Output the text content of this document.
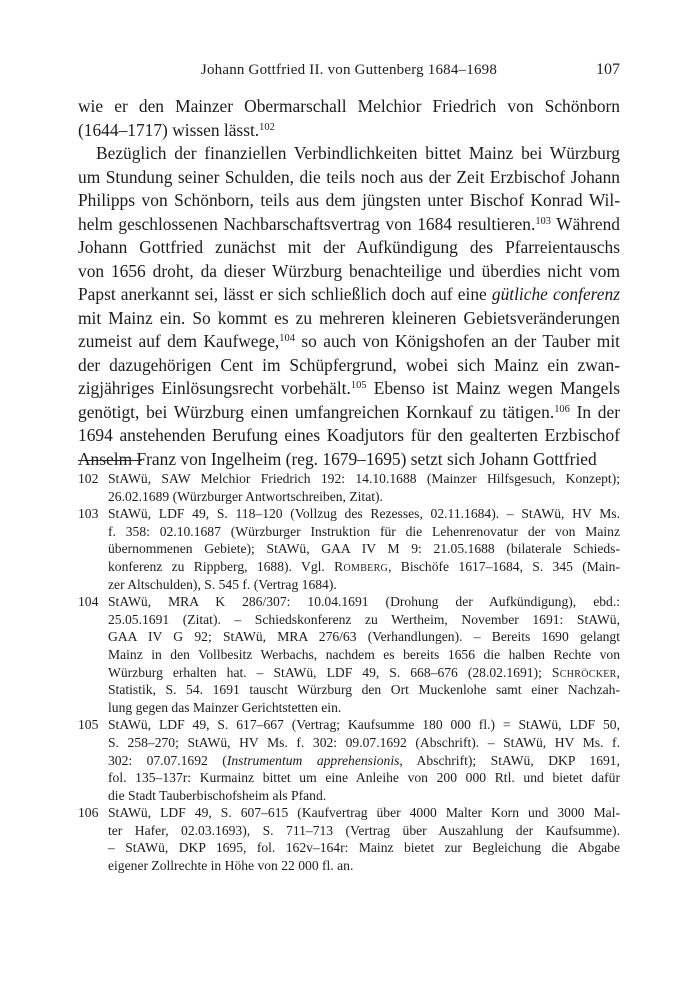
Johann Gottfried II. von Guttenberg 1684–1698	107
wie er den Mainzer Obermarschall Melchior Friedrich von Schönborn
(1644–1717) wissen lässt.$^{102}$
Bezüglich der finanziellen Verbindlichkeiten bittet Mainz bei Würzburg
um Stundung seiner Schulden, die teils noch aus der Zeit Erzbischof Johann
Philipps von Schönborn, teils aus dem jüngsten unter Bischof Konrad Wil-
helm geschlossenen Nachbarschaftsvertrag von 1684 resultieren.$^{103}$ Während
Johann Gottfried zunächst mit der Aufkündigung des Pfarreientauschs
von 1656 droht, da dieser Würzburg benachteilige und überdies nicht vom
Papst anerkannt sei, lässt er sich schließlich doch auf eine gütliche conferenz
mit Mainz ein. So kommt es zu mehreren kleineren Gebietsveränderungen
zumeist auf dem Kaufwege,$^{104}$ so auch von Königshofen an der Tauber mit
der dazugehörigen Cent im Schüpfergrund, wobei sich Mainz ein zwan-
zigjähriges Einlösungsrecht vorbehält.$^{105}$ Ebenso ist Mainz wegen Mangels
genötigt, bei Würzburg einen umfangreichen Kornkauf zu tätigen.$^{106}$ In der
1694 anstehenden Berufung eines Koadjutors für den gealterten Erzbischof
Anselm Franz von Ingelheim (reg. 1679–1695) setzt sich Johann Gottfried
102 StAWü, SAW Melchior Friedrich 192: 14.10.1688 (Mainzer Hilfsgesuch, Konzept);
26.02.1689 (Würzburger Antwortschreiben, Zitat).
103 StAWü, LDF 49, S. 118–120 (Vollzug des Rezesses, 02.11.1684). – StAWü, HV Ms.
f. 358: 02.10.1687 (Würzburger Instruktion für die Lehenrenovatur der von Mainz
übernommenen Gebiete); StAWü, GAA IV M 9: 21.05.1688 (bilaterale Schieds-
konferenz zu Rippberg, 1688). Vgl. Romberg, Bischöfe 1617–1684, S. 345 (Main-
zer Altschulden), S. 545 f. (Vertrag 1684).
104 StAWü, MRA K 286/307: 10.04.1691 (Drohung der Aufkündigung), ebd.:
25.05.1691 (Zitat). – Schiedskonferenz zu Wertheim, November 1691: StAWü,
GAA IV G 92; StAWü, MRA 276/63 (Verhandlungen). – Bereits 1690 gelangt
Mainz in den Vollbesitz Werbachs, nachdem es bereits 1656 die halben Rechte von
Würzburg erhalten hat. – StAWü, LDF 49, S. 668–676 (28.02.1691); Schröcker,
Statistik, S. 54. 1691 tauscht Würzburg den Ort Muckenlohe samt einer Nachzah-
lung gegen das Mainzer Gerichtstetten ein.
105 StAWü, LDF 49, S. 617–667 (Vertrag; Kaufsumme 180 000 fl.) = StAWü, LDF 50,
S. 258–270; StAWü, HV Ms. f. 302: 09.07.1692 (Abschrift). – StAWü, HV Ms. f.
302: 07.07.1692 (Instrumentum apprehensionis, Abschrift); StAWü, DKP 1691,
fol. 135–137r: Kurmainz bittet um eine Anleihe von 200 000 Rtl. und bietet dafür
die Stadt Tauberbischofsheim als Pfand.
106 StAWü, LDF 49, S. 607–615 (Kaufvertrag über 4000 Malter Korn und 3000 Mal-
ter Hafer, 02.03.1693), S. 711–713 (Vertrag über Auszahlung der Kaufsumme).
– StAWü, DKP 1695, fol. 162v–164r: Mainz bietet zur Begleichung die Abgabe
eigener Zollrechte in Höhe von 22 000 fl. an.
